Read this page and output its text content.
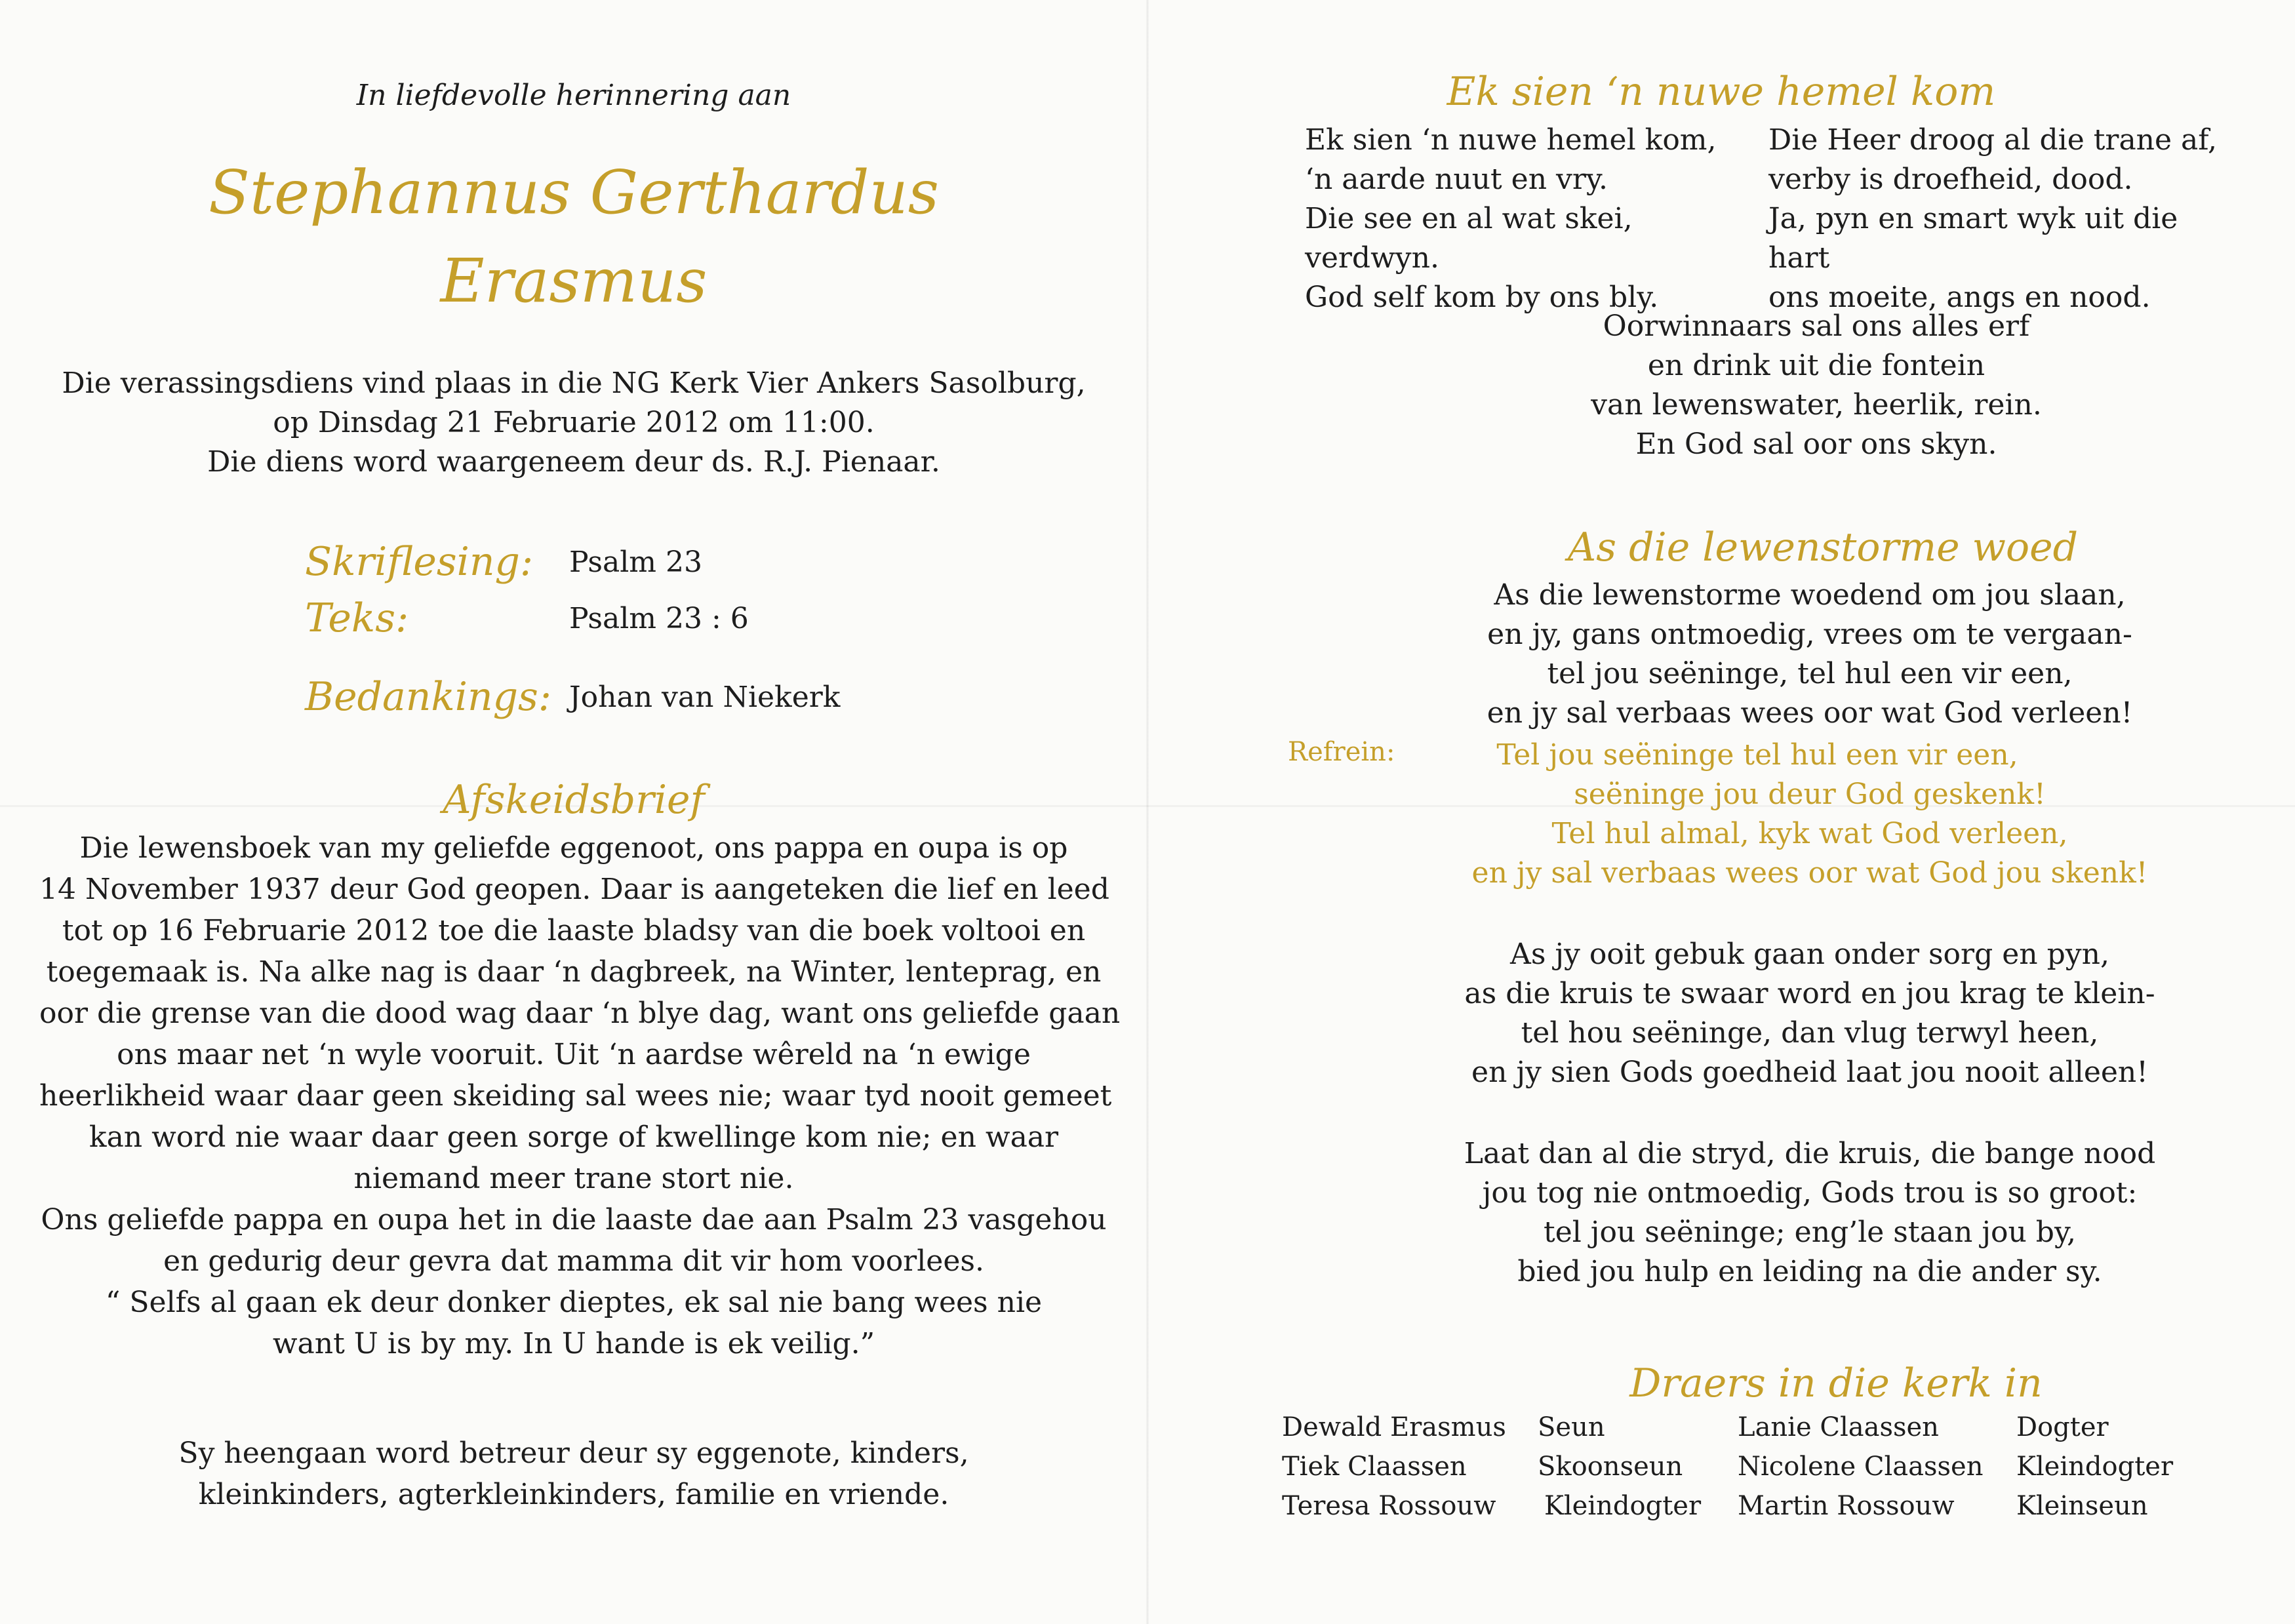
In liefdevolle herinnering aan
Stephannus Gerthardus
Erasmus
Die verassingsdiens vind plaas in die NG Kerk Vier Ankers Sasolburg,
op Dinsdag 21 Februarie 2012 om 11:00.
Die diens word waargeneem deur ds. R.J. Pienaar.
Skriflesing: Psalm 23
Teks:	Psalm 23 : 6
Bedankings: Johan van Niekerk
Afskeidsbrief
Die lewensboek van my geliefde eggenoot, ons pappa en oupa is op
14 November 1937 deur God geopen. Daar is aangeteken die lief en leed
tot op 16 Februarie 2012 toe die laaste bladsy van die boek voltooi en
toegemaak is. Na alke nag is daar ‘n dagbreek, na Winter, lenteprag, en
oor die grense van die dood wag daar ‘n blye dag, want ons geliefde gaan
ons maar net ‘n wyle vooruit. Uit ‘n aardse wêreld na ‘n ewige
heerlikheid waar daar geen skeiding sal wees nie; waar tyd nooit gemeet
kan word nie waar daar geen sorge of kwellinge kom nie; en waar
niemand meer trane stort nie.
Ons geliefde pappa en oupa het in die laaste dae aan Psalm 23 vasgehou
en gedurig deur gevra dat mamma dit vir hom voorlees.
“ Selfs al gaan ek deur donker dieptes, ek sal nie bang wees nie
want U is by my. In U hande is ek veilig.”
Sy heengaan word betreur deur sy eggenote, kinders,
kleinkinders, agterkleinkinders, familie en vriende.
Ek sien ‘n nuwe hemel kom
Ek sien ‘n nuwe hemel kom,
‘n aarde nuut en vry.
Die see en al wat skei, verdwyn.
God self kom by ons bly.
Die Heer droog al die trane af,
verby is droefheid, dood.
Ja, pyn en smart wyk uit die hart
ons moeite, angs en nood.
Oorwinnaars sal ons alles erf
en drink uit die fontein
van lewenswater, heerlik, rein.
En God sal oor ons skyn.
As die lewenstorme woed
As die lewenstorme woedend om jou slaan,
en jy, gans ontmoedig, vrees om te vergaan-
tel jou seëninge, tel hul een vir een,
en jy sal verbaas wees oor wat God verleen!
Refrein:	Tel jou seëninge tel hul een vir een,
seëninge jou deur God geskenk!
Tel hul almal, kyk wat God verleen,
en jy sal verbaas wees oor wat God jou skenk!
As jy ooit gebuk gaan onder sorg en pyn,
as die kruis te swaar word en jou krag te klein-
tel hou seëninge, dan vlug terwyl heen,
en jy sien Gods goedheid laat jou nooit alleen!
Laat dan al die stryd, die kruis, die bange nood
jou tog nie ontmoedig, Gods trou is so groot:
tel jou seëninge; eng’le staan jou by,
bied jou hulp en leiding na die ander sy.
Draers in die kerk in
Dewald Erasmus
Tiek Claassen
Teresa Rossouw
Seun
Skoonseun
Kleindogter
Lanie Claassen
Nicolene Claassen
Martin Rossouw
Dogter
Kleindogter
Kleinseun
